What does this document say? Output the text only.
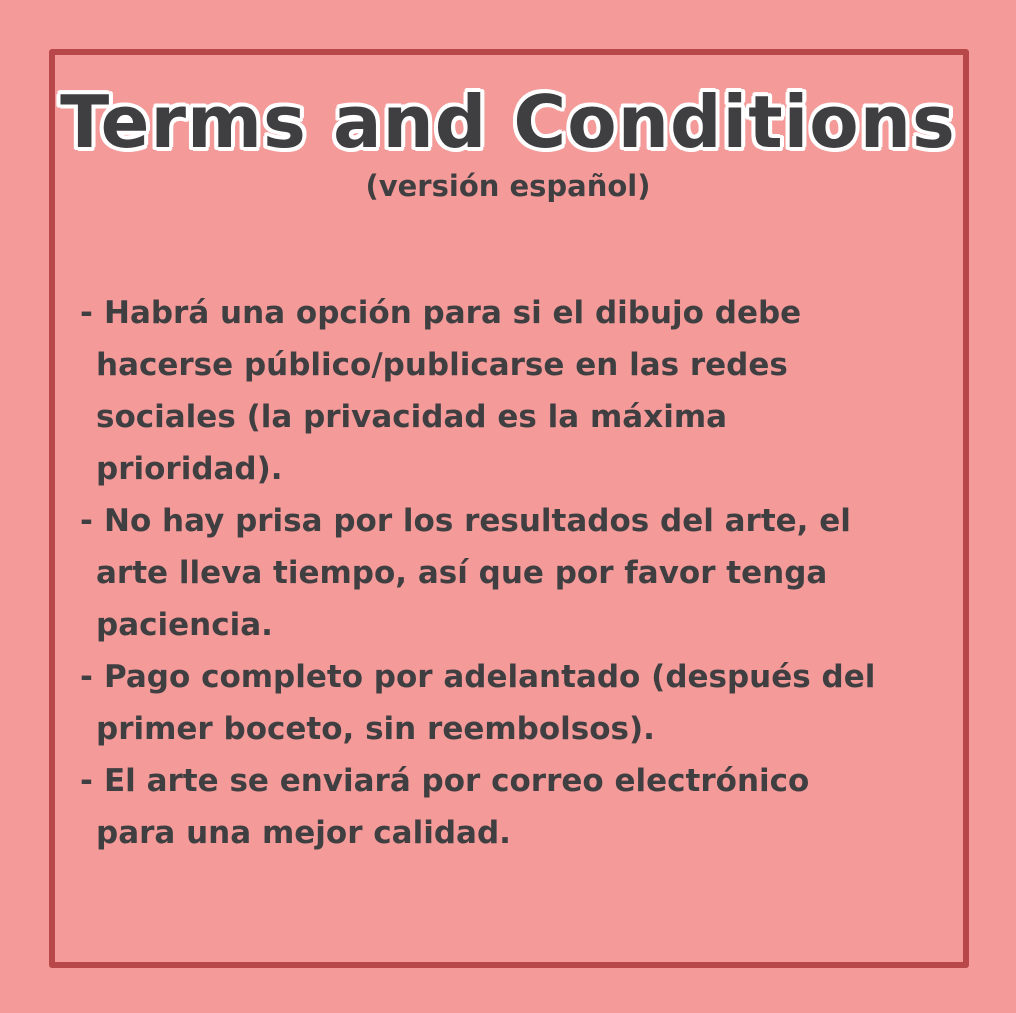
Terms and Conditions
(versión español)
- Habrá una opción para si el dibujo debe
hacerse público/publicarse en las redes
sociales (la privacidad es la máxima
prioridad).
- No hay prisa por los resultados del arte, el
arte lleva tiempo, así que por favor tenga
paciencia.
- Pago completo por adelantado (después del
primer boceto, sin reembolsos).
- El arte se enviará por correo electrónico
para una mejor calidad.
